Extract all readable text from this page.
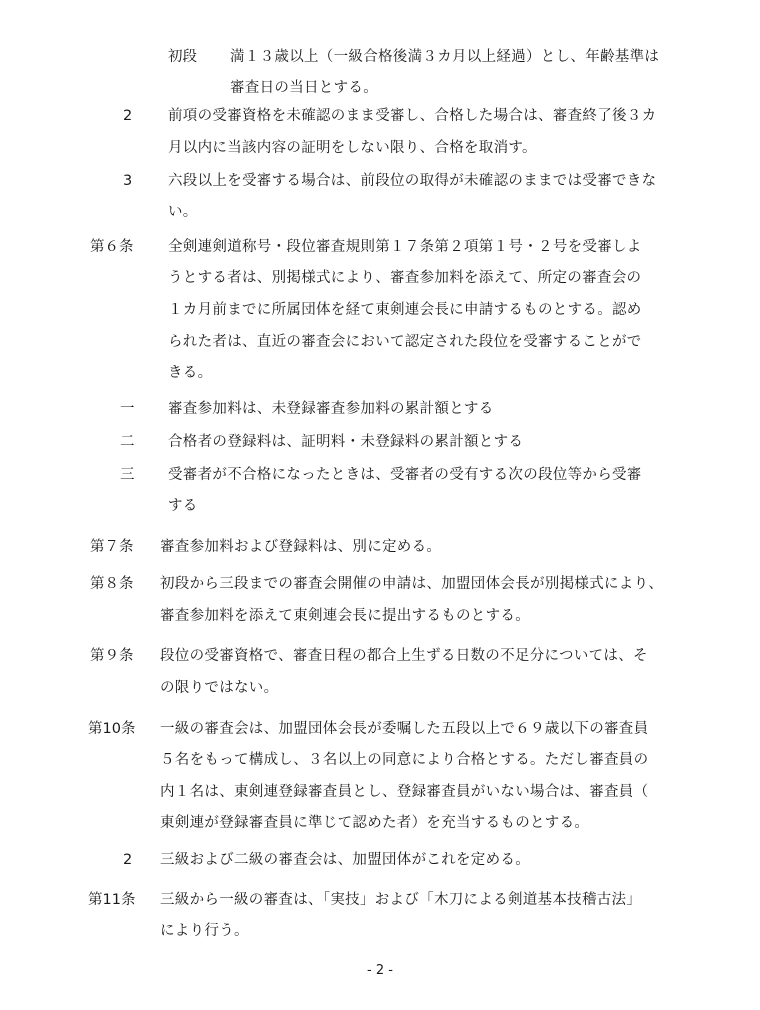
初段 満１３歳以上（一級合格後満３カ月以上経過）とし、年齢基準は
審査日の当日とする。
2 前項の受審資格を未確認のまま受審し、合格した場合は、審査終了後３カ
月以内に当該内容の証明をしない限り、合格を取消す。
3 六段以上を受審する場合は、前段位の取得が未確認のままでは受審できな
い。
第６条 全剣連剣道称号・段位審査規則第１７条第２項第１号・２号を受審しよ
うとする者は、別掲様式により、審査参加料を添えて、所定の審査会の
１カ月前までに所属団体を経て東剣連会長に申請するものとする。認め
られた者は、直近の審査会において認定された段位を受審することがで
きる。
一 審査参加料は、未登録審査参加料の累計額とする
二 合格者の登録料は、証明料・未登録料の累計額とする
三 受審者が不合格になったときは、受審者の受有する次の段位等から受審
する
第７条 審査参加料および登録料は、別に定める。
第８条 初段から三段までの審査会開催の申請は、加盟団体会長が別掲様式により、
審査参加料を添えて東剣連会長に提出するものとする。
第９条 段位の受審資格で、審査日程の都合上生ずる日数の不足分については、そ
の限りではない。
第10条 一級の審査会は、加盟団体会長が委嘱した五段以上で６９歳以下の審査員
５名をもって構成し、３名以上の同意により合格とする。ただし審査員の
内１名は、東剣連登録審査員とし、登録審査員がいない場合は、審査員（
東剣連が登録審査員に準じて認めた者）を充当するものとする。
2 三級および二級の審査会は、加盟団体がこれを定める。
第11条 三級から一級の審査は、「実技」および「木刀による剣道基本技稽古法」
により行う。
- 2 -
